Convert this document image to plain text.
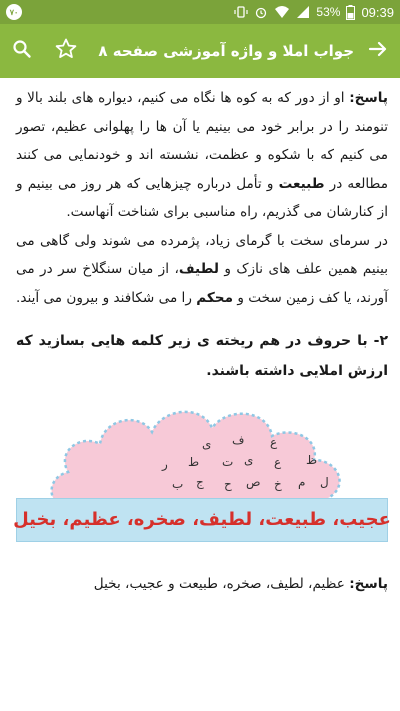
٧٠	53% 09:39
جواب املا و واژه آموزشی صفحه ۸

پاسخ: او از دور که به کوه ها نگاه می کنیم، دیواره های بلند بالا و تنومند را در برابر خود می بینیم یا آن ها را پهلوانی عظیم، تصور می کنیم که با شکوه و عظمت، نشسته اند و خودنمایی می کنند مطالعه در طبیعت و تأمل درباره چیزهایی که هر روز می بینیم و از کنارشان می گذریم، راه مناسبی برای شناخت آنهاست.

در سرمای سخت با گرمای زیاد، پژمرده می شوند ولی گاهی می بینیم همین علف های نازک و لطیف، از میان سنگلاخ سر در می آورند، یا کف زمین سخت و محکم را می شکافند و بیرون می آیند.

۲- با حروف در هم ریخته ی زیر کلمه هایی بسازید که ارزش املایی داشته باشند.

ع
ف
ظ
ع
ط	ی
خ
ت
ی
ل
م
ص
ح
ج
ب
ر
عجیب، طبیعت، لطیف، صخره، عظیم، بخیل

پاسخ: عظیم، لطیف، صخره، طبیعت و عجیب، بخیل
